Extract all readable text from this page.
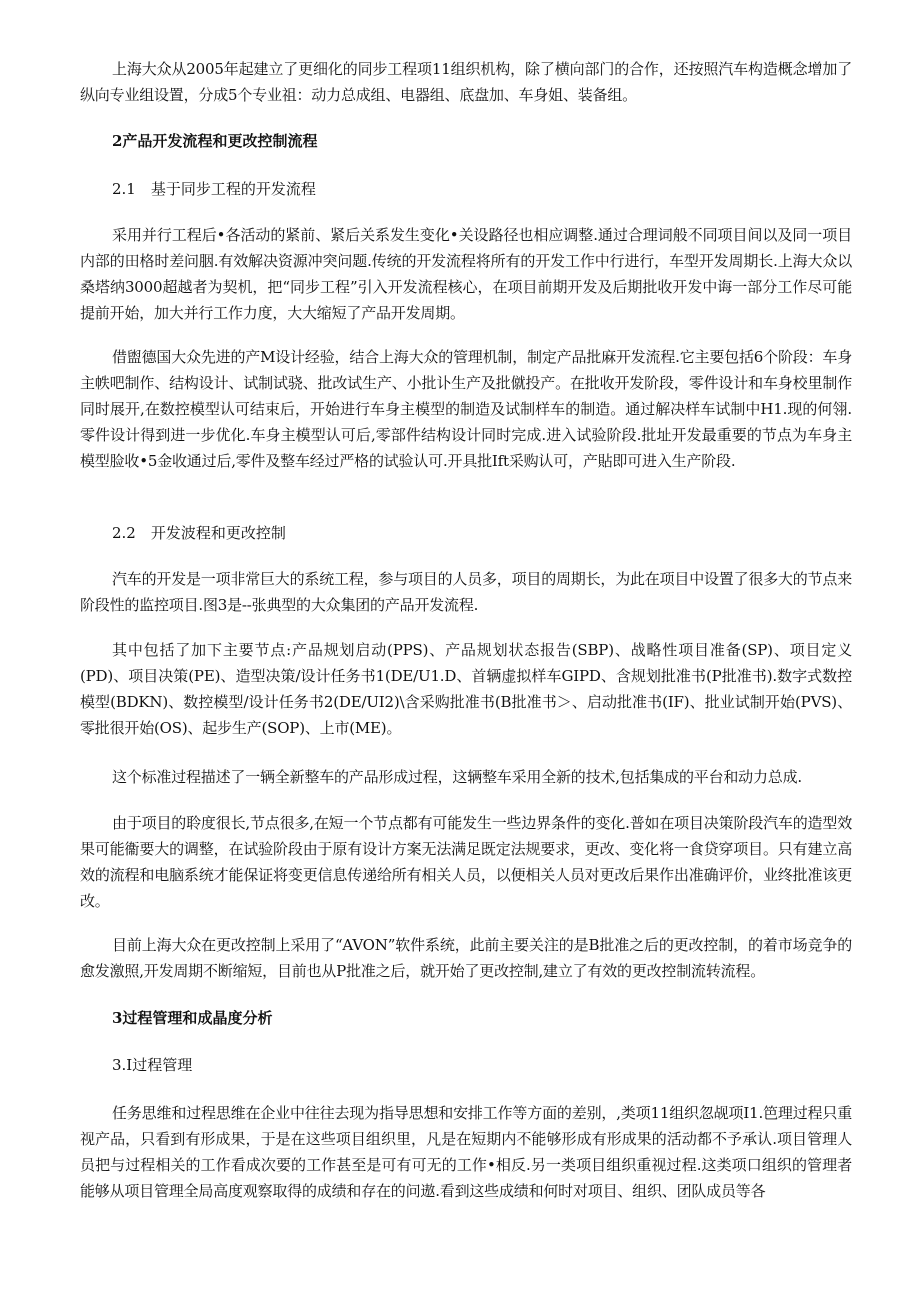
上海大众从2005年起建立了更细化的同步工程项11组织机构，除了横向部门的合作，还按照汽车构造概念增加了纵向专业组设置，分成5个专业祖：动力总成组、电器组、底盘加、车身姐、装备组。

2产品开发流程和更改控制流程

2.1　基于同步工程的开发流程

采用并行工程后•各活动的紧前、紧后关系发生变化•关设路径也相应调整.通过合理词般不同项目间以及同一项目内部的田格时差问胭.有效解决资源冲突问题.传统的开发流程将所有的开发工作中行进行，车型开发周期长.上海大众以桑塔纳3000超越者为契机，把“同步工程”引入开发流程核心，在项目前期开发及后期批收开发中诲一部分工作尽可能提前开始，加大并行工作力度，大大缩短了产品开发周期。

借盥德国大众先进的产M设计经验，结合上海大众的管理机制，制定产品批麻开发流程.它主要包括6个阶段：车身主帙吧制作、结构设计、试制试骁、批改试生产、小批讣生产及批僦投产。在批收开发阶段，零件设计和车身校里制作同时展开,在数控模型认可结束后，开始进行车身主模型的制造及试制样车的制造。通过解决样车试制中H1.现的何翎.零件设计得到进一步优化.车身主模型认可后,零部件结构设计同时完成.进入试验阶段.批址开发最重要的节点为车身主模型脸收•5金收通过后,零件及整车经过严格的试验认可.开具批Ift采购认可，产貼即可进入生产阶段.

2.2　开发波程和更改控制

汽车的开发是一项非常巨大的系统工程，参与项目的人员多，项目的周期长，为此在项目中设置了很多大的节点来阶段性的监控项目.图3是--张典型的大众集团的产品开发流程.

其中包括了加下主要节点:产品规划启动(PPS)、产品规划状态报告(SBP)、战略性项目准备(SP)、项目定义(PD)、项目决策(PE)、造型决策/设计任务书1(DE/U1.D、首辆虚拟样车GIPD、含规划批准书(P批准书).数字式数控模型(BDKN)、数控模型/设计任务书2(DE/UI2)\含采购批准书(B批准书＞、启动批准书(IF)、批业试制开始(PVS)、零批很开始(OS)、起步生产(SOP)、上市(ME)。

这个标准过程描述了一辆全新整车的产品形成过程，这辆整车采用全新的技术,包括集成的平台和动力总成.

由于项目的聆度很长,节点很多,在短一个节点都有可能发生一些边界条件的变化.普如在项目决策阶段汽车的造型效果可能衞要大的调整，在试验阶段由于原有设计方案无法满足既定法规要求，更改、变化将一食贷穿项目。只有建立高效的流程和电脑系统才能保证将变更信息传递给所有相关人员，以便相关人员对更改后果作出准确评价，业终批准该更改。

目前上海大众在更改控制上采用了“AVON”软件系统，此前主要关注的是B批准之后的更改控制，的着市场竞争的愈发激照,开发周期不断缩短，目前也从P批准之后，就开始了更改控制,建立了有效的更改控制流转流程。

3过程管理和成晶度分析

3.I过程管理

任务思维和过程思维在企业中往往去现为指导思想和安排工作等方面的差别，,类项11组织忽觇项I1.笆理过程只重视产品，只看到有形成果，于是在这些项目组织里，凡是在短期内不能够形成有形成果的活动都不予承认.项目管理人员把与过程相关的工作看成次要的工作甚至是可有可无的工作•相反.另一类项目组织重视过程.这类项口组织的管理者能够从项目管理全局高度观察取得的成绩和存在的问遨.看到这些成绩和何时对项目、组织、团队成员等各
